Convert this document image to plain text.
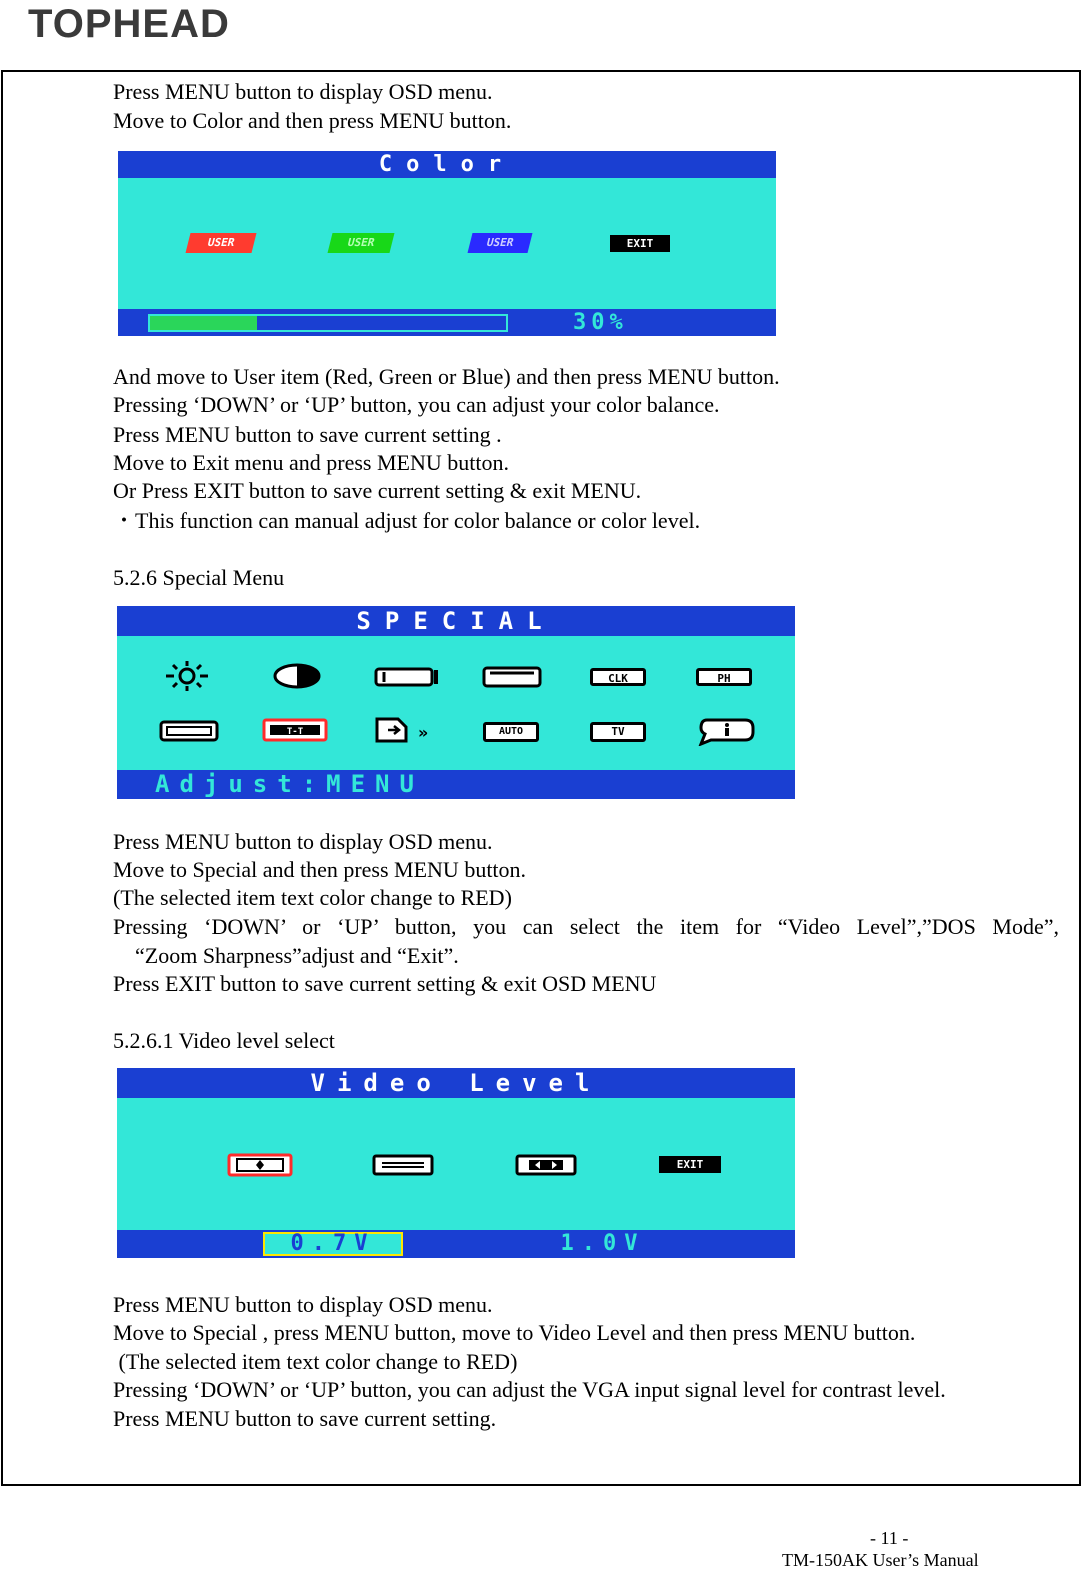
TOPHEAD
Press MENU button to display OSD menu.
Move to Color and then press MENU button.
Color
USER	USER	USER	EXIT
30%
And move to User item (Red, Green or Blue) and then press MENU button.
Pressing ‘DOWN’ or ‘UP’ button, you can adjust your color balance.
Press MENU button to save current setting .
Move to Exit menu and press MENU button.
Or Press EXIT button to save current setting & exit MENU.
・This function can manual adjust for color balance or color level.
5.2.6 Special Menu
SPECIAL
CLK	PH
T-T	»	AUTO	TV
Adjust:MENU
Press MENU button to display OSD menu.
Move to Special and then press MENU button.
(The selected item text color change to RED)
Pressing ‘DOWN’ or ‘UP’ button, you can select the item for “Video Level”,”DOS Mode”,
“Zoom Sharpness”adjust and “Exit”.
Press EXIT button to save current setting & exit OSD MENU
5.2.6.1 Video level select
Video Level
EXIT
0.7V	1.0V
Press MENU button to display OSD menu.
Move to Special , press MENU button, move to Video Level and then press MENU button.
(The selected item text color change to RED)
Pressing ‘DOWN’ or ‘UP’ button, you can adjust the VGA input signal level for contrast level.
Press MENU button to save current setting.
- 11 -
TM-150AK User’s Manual
